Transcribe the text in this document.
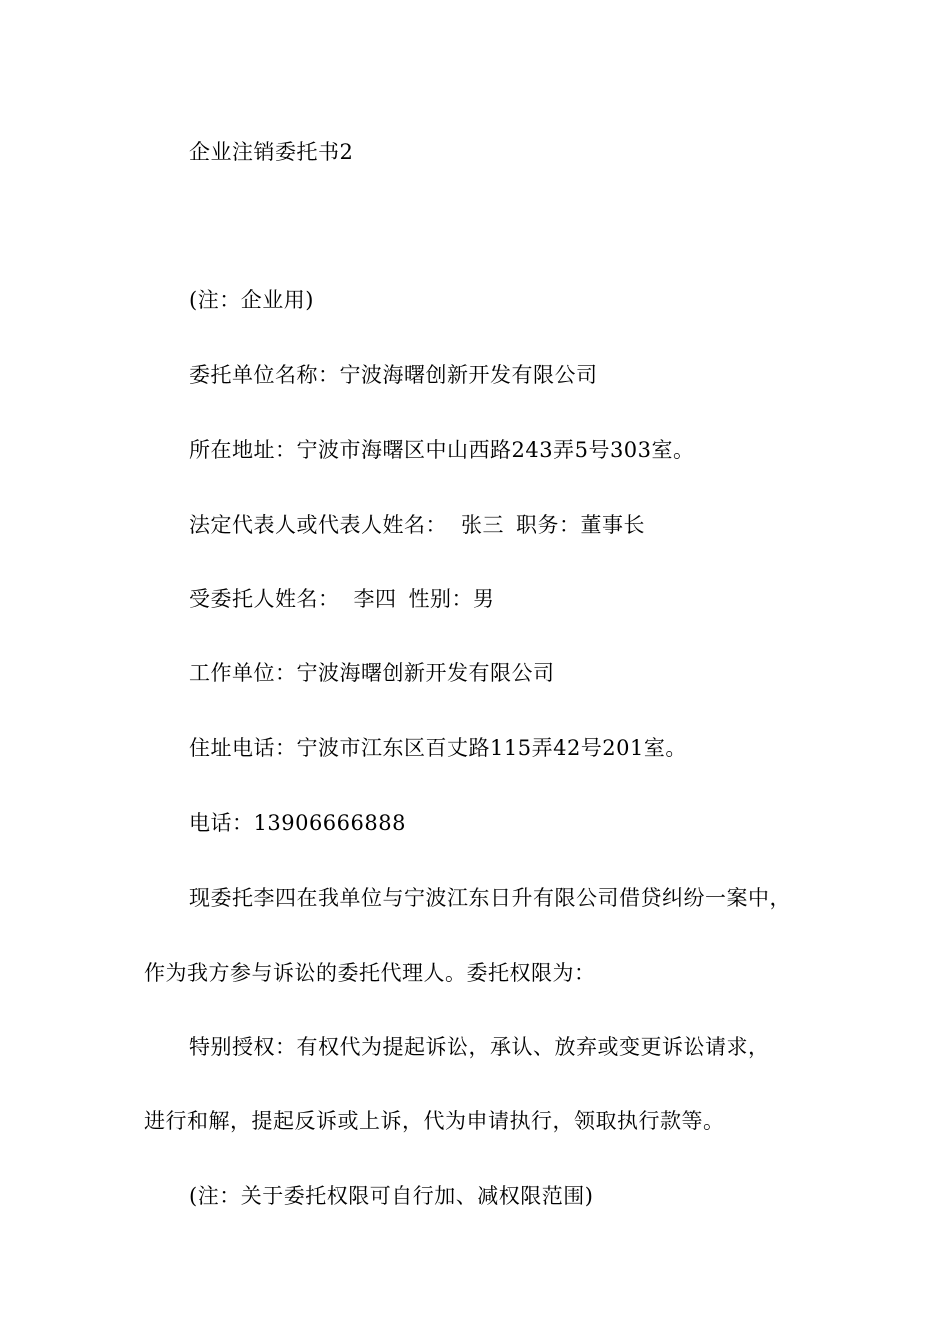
企业注销委托书2
(注：企业用)
委托单位名称：宁波海曙创新开发有限公司
所在地址：宁波市海曙区中山西路243弄5号303室。
法定代表人或代表人姓名： 张三 职务：董事长
受委托人姓名： 李四 性别：男
工作单位：宁波海曙创新开发有限公司
住址电话：宁波市江东区百丈路115弄42号201室。
电话：13906666888
现委托李四在我单位与宁波江东日升有限公司借贷纠纷一案中，
作为我方参与诉讼的委托代理人。委托权限为：
特别授权：有权代为提起诉讼，承认、放弃或变更诉讼请求，
进行和解，提起反诉或上诉，代为申请执行，领取执行款等。
(注：关于委托权限可自行加、减权限范围)
